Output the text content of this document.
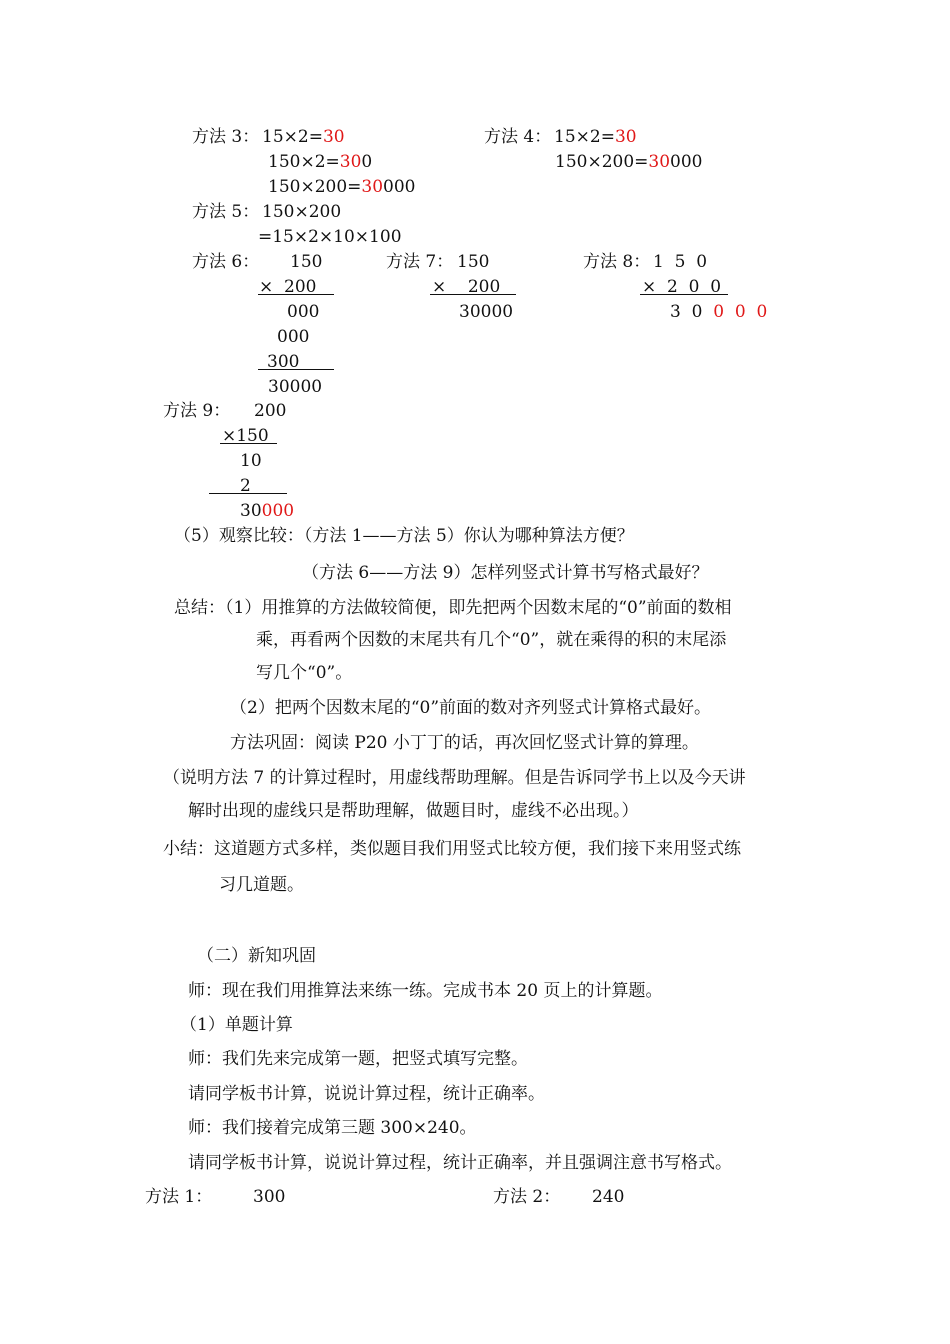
方法 3： 15×2=30
150×2=300
150×200=30000
方法 4： 15×2=30
150×200=30000
方法 5： 150×200
=15×2×10×100
方法 6： 150
×  200
000
000
300
30000
方法 7： 150
×    200
30000
方法 8： 1  5  0
×  2  0  0
3  0  0  0  0
方法 9： 200
×150
10
2
30000
（5）观察比较：（方法 1——方法 5）你认为哪种算法方便？
（方法 6——方法 9）怎样列竖式计算书写格式最好？
总结：（1）用推算的方法做较简便，即先把两个因数末尾的“0”前面的数相
乘，再看两个因数的末尾共有几个“0”，就在乘得的积的末尾添
写几个“0”。
（2）把两个因数末尾的“0”前面的数对齐列竖式计算格式最好。
方法巩固：阅读 P20 小丁丁的话，再次回忆竖式计算的算理。
（说明方法 7 的计算过程时，用虚线帮助理解。但是告诉同学书上以及今天讲
解时出现的虚线只是帮助理解，做题目时，虚线不必出现。）
小结：这道题方式多样，类似题目我们用竖式比较方便，我们接下来用竖式练
习几道题。
（二）新知巩固
师：现在我们用推算法来练一练。完成书本 20 页上的计算题。
（1）单题计算
师：我们先来完成第一题，把竖式填写完整。
请同学板书计算，说说计算过程，统计正确率。
师：我们接着完成第三题 300×240。
请同学板书计算，说说计算过程，统计正确率，并且强调注意书写格式。
方法 1： 300	方法 2： 240
